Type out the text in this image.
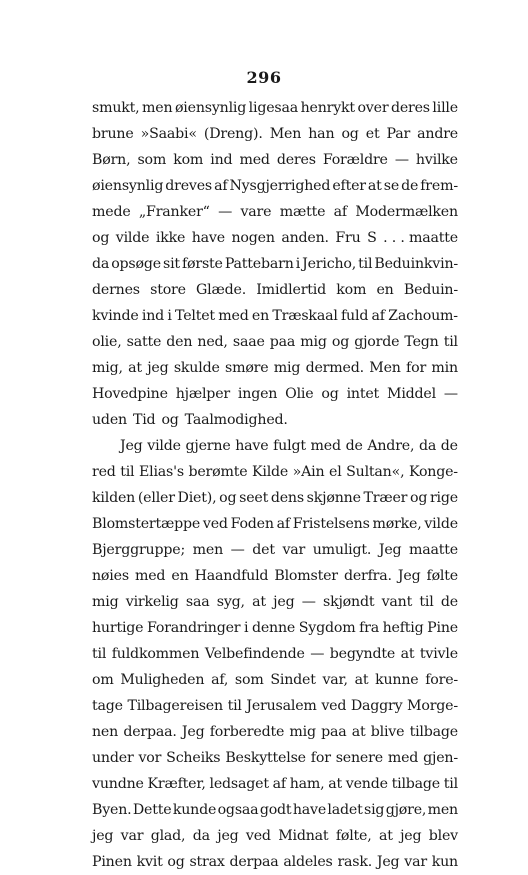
296
smukt, men øiensynlig ligesaa henrykt over deres lille
brune »Saabi« (Dreng). Men han og et Par andre
Børn, som kom ind med deres Forældre — hvilke
øiensynlig dreves af Nysgjerrighed efter at se de frem-
mede „Franker“ — vare mætte af Modermælken
og vilde ikke have nogen anden. Fru S . . . maatte
da opsøge sit første Pattebarn i Jericho, til Beduinkvin-
dernes store Glæde. Imidlertid kom en Beduin-
kvinde ind i Teltet med en Træskaal fuld af Zachoum-
olie, satte den ned, saae paa mig og gjorde Tegn til
mig, at jeg skulde smøre mig dermed. Men for min
Hovedpine hjælper ingen Olie og intet Middel —
uden Tid og Taalmodighed.
Jeg vilde gjerne have fulgt med de Andre, da de
red til Elias's berømte Kilde »Ain el Sultan«, Konge-
kilden (eller Diet), og seet dens skjønne Træer og rige
Blomstertæppe ved Foden af Fristelsens mørke, vilde
Bjerggruppe; men — det var umuligt. Jeg maatte
nøies med en Haandfuld Blomster derfra. Jeg følte
mig virkelig saa syg, at jeg — skjøndt vant til de
hurtige Forandringer i denne Sygdom fra heftig Pine
til fuldkommen Velbefindende — begyndte at tvivle
om Muligheden af, som Sindet var, at kunne fore-
tage Tilbagereisen til Jerusalem ved Daggry Morge-
nen derpaa. Jeg forberedte mig paa at blive tilbage
under vor Scheiks Beskyttelse for senere med gjen-
vundne Kræfter, ledsaget af ham, at vende tilbage til
Byen. Dette kunde ogsaa godt have ladet sig gjøre, men
jeg var glad, da jeg ved Midnat følte, at jeg blev
Pinen kvit og strax derpaa aldeles rask. Jeg var kun
